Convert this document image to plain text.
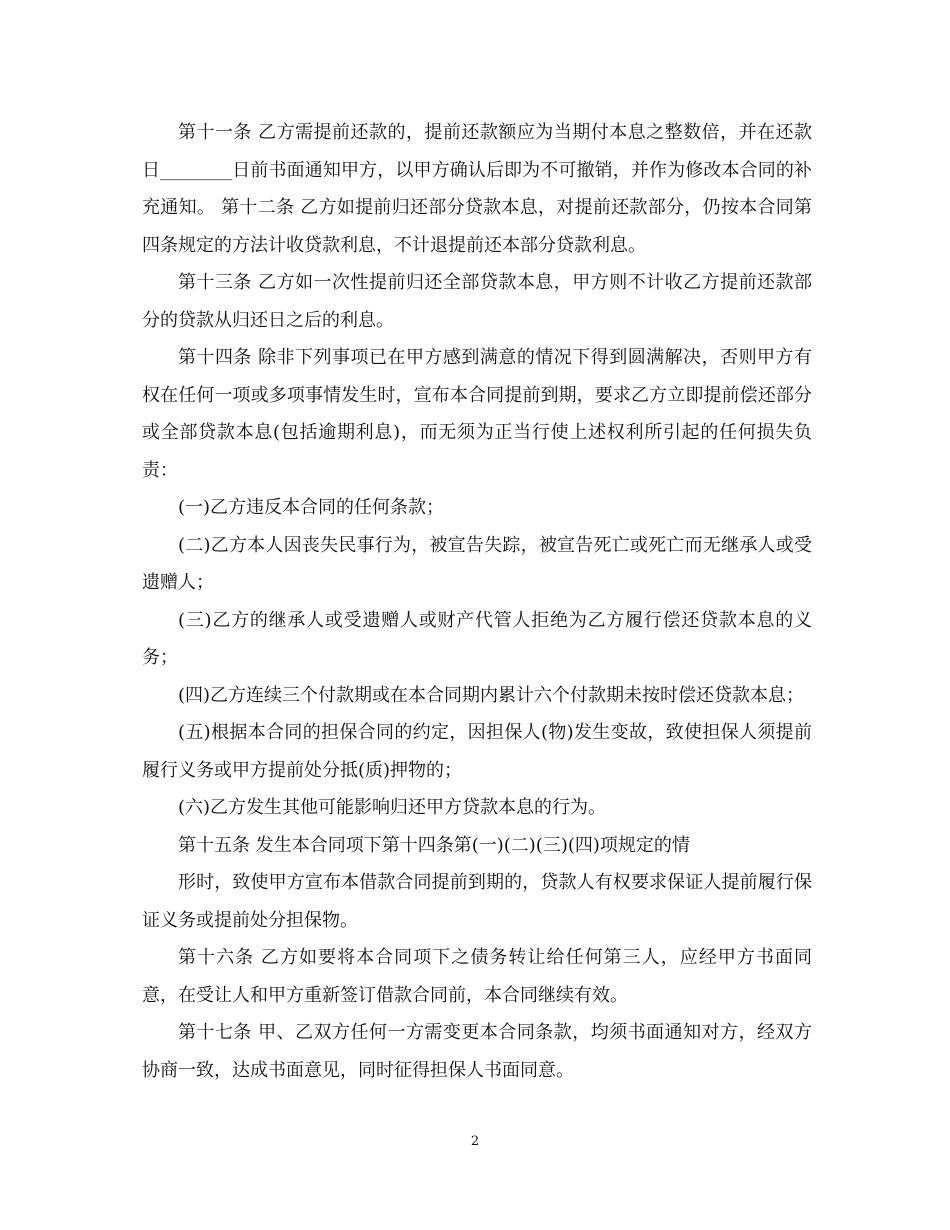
第十一条 乙方需提前还款的，提前还款额应为当期付本息之整数倍，并在还款日________日前书面通知甲方，以甲方确认后即为不可撤销，并作为修改本合同的补充通知。 第十二条 乙方如提前归还部分贷款本息，对提前还款部分，仍按本合同第四条规定的方法计收贷款利息，不计退提前还本部分贷款利息。

第十三条 乙方如一次性提前归还全部贷款本息，甲方则不计收乙方提前还款部分的贷款从归还日之后的利息。

第十四条 除非下列事项已在甲方感到满意的情况下得到圆满解决，否则甲方有权在任何一项或多项事情发生时，宣布本合同提前到期，要求乙方立即提前偿还部分或全部贷款本息(包括逾期利息)，而无须为正当行使上述权利所引起的任何损失负责：

(一)乙方违反本合同的任何条款；

(二)乙方本人因丧失民事行为，被宣告失踪，被宣告死亡或死亡而无继承人或受遗赠人；

(三)乙方的继承人或受遗赠人或财产代管人拒绝为乙方履行偿还贷款本息的义务；

(四)乙方连续三个付款期或在本合同期内累计六个付款期未按时偿还贷款本息；

(五)根据本合同的担保合同的约定，因担保人(物)发生变故，致使担保人须提前履行义务或甲方提前处分抵(质)押物的；

(六)乙方发生其他可能影响归还甲方贷款本息的行为。

第十五条 发生本合同项下第十四条第(一)(二)(三)(四)项规定的情

形时，致使甲方宣布本借款合同提前到期的，贷款人有权要求保证人提前履行保证义务或提前处分担保物。

第十六条 乙方如要将本合同项下之债务转让给任何第三人，应经甲方书面同意，在受让人和甲方重新签订借款合同前，本合同继续有效。

第十七条 甲、乙双方任何一方需变更本合同条款，均须书面通知对方，经双方协商一致，达成书面意见，同时征得担保人书面同意。

2
